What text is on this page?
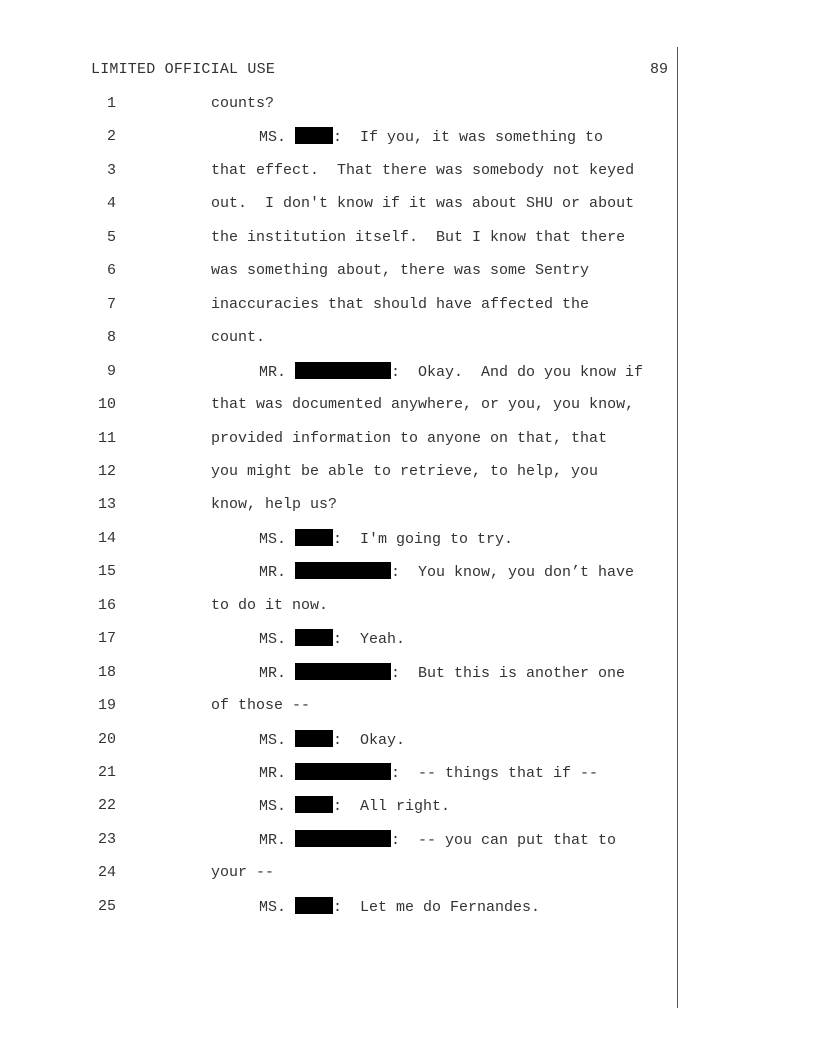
LIMITED OFFICIAL USE	89
1	counts?
2	MS.	:  If you, it was something to
3	that effect.  That there was somebody not keyed
4	out.  I don't know if it was about SHU or about
5	the institution itself.  But I know that there
6	was something about, there was some Sentry
7	inaccuracies that should have affected the
8	count.
9	MR.	:  Okay.  And do you know if
10	that was documented anywhere, or you, you know,
11	provided information to anyone on that, that
12	you might be able to retrieve, to help, you
13	know, help us?
14	MS.	:  I'm going to try.
15	MR.	:  You know, you don’t have
16	to do it now.
17	MS.	:  Yeah.
18	MR.	:  But this is another one
19	of those --
20	MS.	:  Okay.
21	MR.	:  -- things that if --
22	MS.	:  All right.
23	MR.	:  -- you can put that to
24	your --
25	MS.	:  Let me do Fernandes.
